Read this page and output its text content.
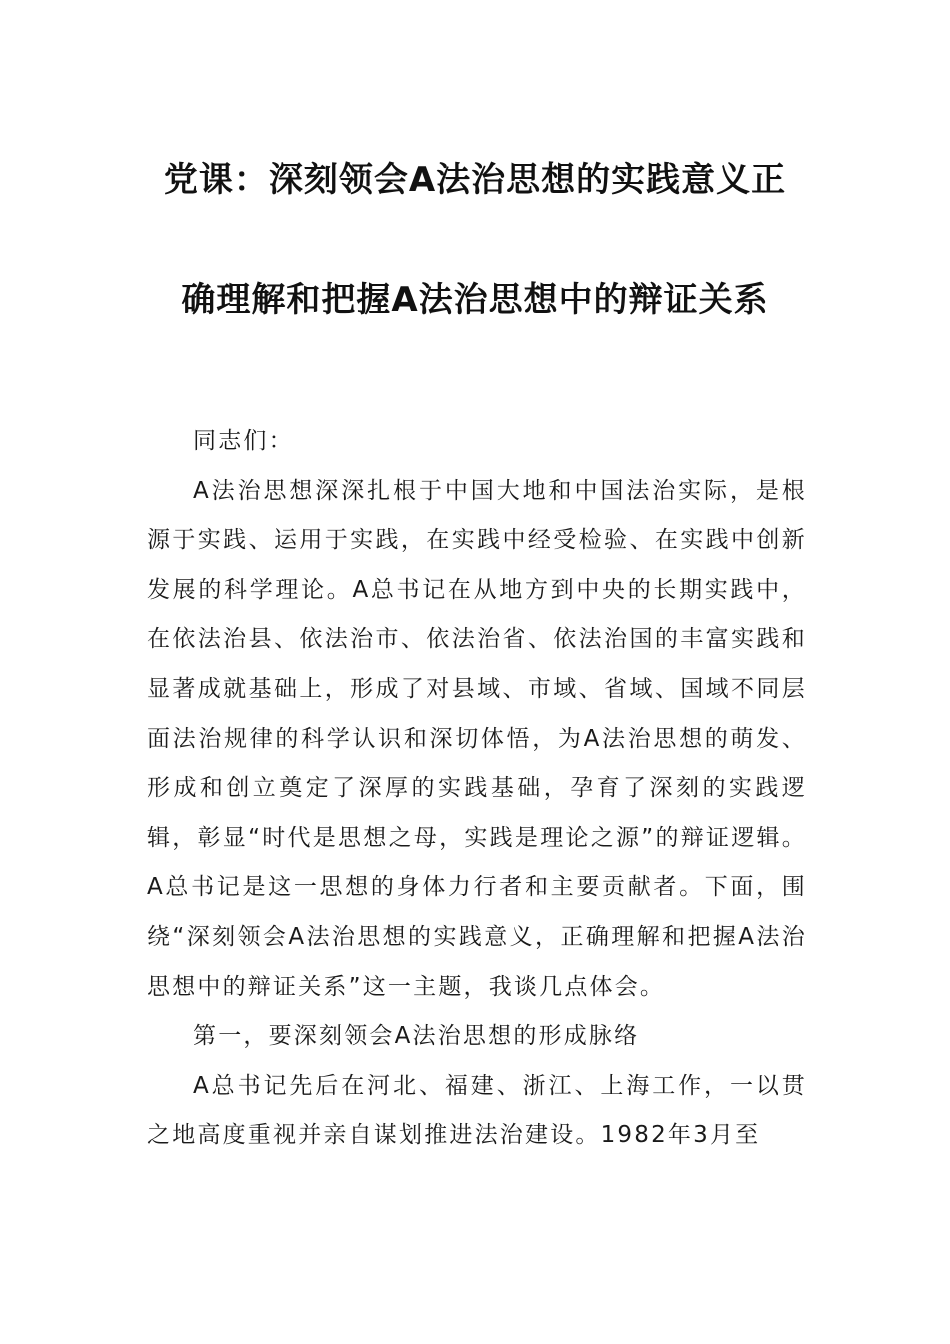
党课：深刻领会A法治思想的实践意义正
确理解和把握A法治思想中的辩证关系

同志们：

A法治思想深深扎根于中国大地和中国法治实际，是根源于实践、运用于实践，在实践中经受检验、在实践中创新发展的科学理论。A总书记在从地方到中央的长期实践中，在依法治县、依法治市、依法治省、依法治国的丰富实践和显著成就基础上，形成了对县域、市域、省域、国域不同层面法治规律的科学认识和深切体悟，为A法治思想的萌发、形成和创立奠定了深厚的实践基础，孕育了深刻的实践逻辑，彰显“时代是思想之母，实践是理论之源”的辩证逻辑。A总书记是这一思想的身体力行者和主要贡献者。下面，围绕“深刻领会A法治思想的实践意义，正确理解和把握A法治思想中的辩证关系”这一主题，我谈几点体会。

第一，要深刻领会A法治思想的形成脉络

A总书记先后在河北、福建、浙江、上海工作，一以贯之地高度重视并亲自谋划推进法治建设。1982年3月至
